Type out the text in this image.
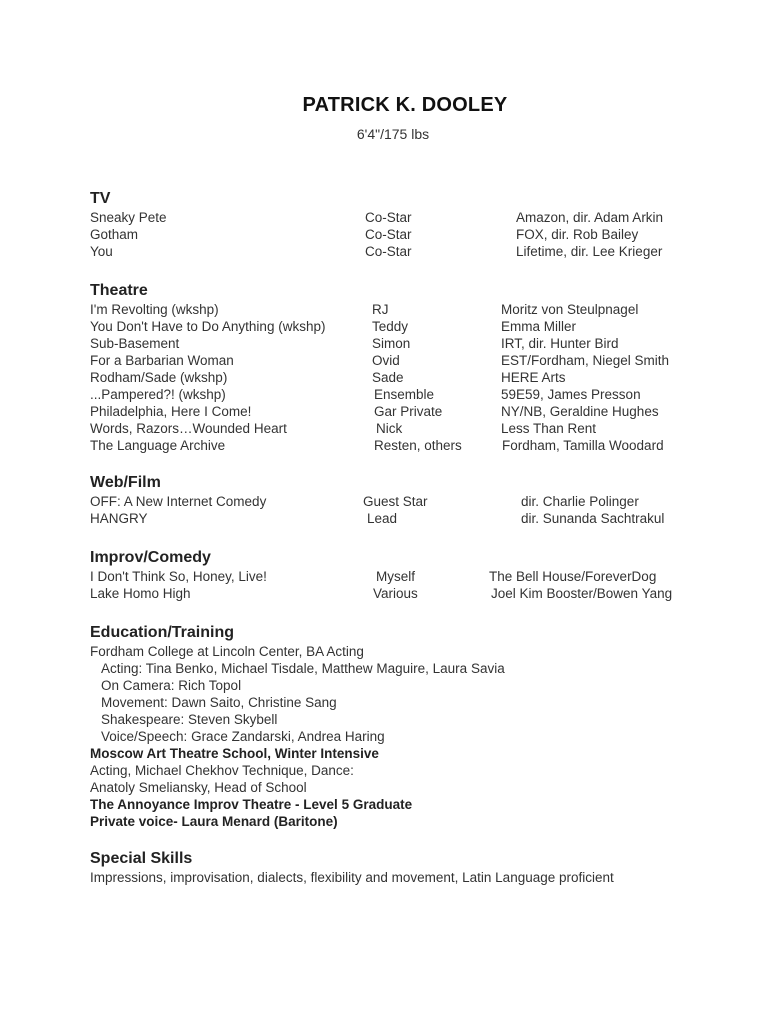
PATRICK K. DOOLEY
6'4"/175 lbs
TV
Sneaky Pete	Co-Star	Amazon, dir. Adam Arkin
Gotham	Co-Star	FOX, dir. Rob Bailey
You	Co-Star	Lifetime, dir. Lee Krieger
Theatre
I'm Revolting (wkshp)	RJ	Moritz von Steulpnagel
You Don't Have to Do Anything (wkshp)	Teddy	Emma Miller
Sub-Basement	Simon	IRT, dir. Hunter Bird
For a Barbarian Woman	Ovid	EST/Fordham, Niegel Smith
Rodham/Sade (wkshp)	Sade	HERE Arts
...Pampered?! (wkshp)	Ensemble	59E59, James Presson
Philadelphia, Here I Come!	Gar Private	NY/NB, Geraldine Hughes
Words, Razors…Wounded Heart	Nick	Less Than Rent
The Language Archive	Resten, others	Fordham, Tamilla Woodard
Web/Film
OFF: A New Internet Comedy	Guest Star	dir. Charlie Polinger
HANGRY	Lead	dir. Sunanda Sachtrakul
Improv/Comedy
I Don't Think So, Honey, Live!	Myself	The Bell House/ForeverDog
Lake Homo High	Various	Joel Kim Booster/Bowen Yang
Education/Training
Fordham College at Lincoln Center, BA Acting
Acting: Tina Benko, Michael Tisdale, Matthew Maguire, Laura Savia
On Camera: Rich Topol
Movement: Dawn Saito, Christine Sang
Shakespeare: Steven Skybell
Voice/Speech: Grace Zandarski, Andrea Haring
Moscow Art Theatre School, Winter Intensive
Acting, Michael Chekhov Technique, Dance:
Anatoly Smeliansky, Head of School
The Annoyance Improv Theatre - Level 5 Graduate
Private voice- Laura Menard (Baritone)
Special Skills
Impressions, improvisation, dialects, flexibility and movement, Latin Language proficient
